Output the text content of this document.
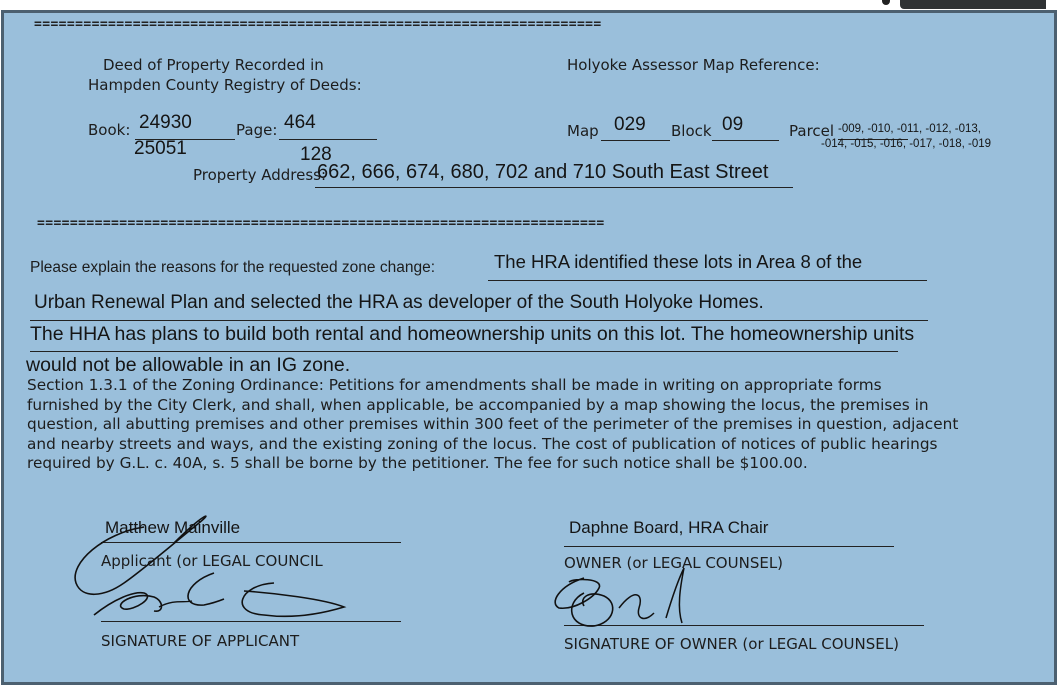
=====================================================================
Deed of Property Recorded in
Hampden County Registry of Deeds:
Book: 24930
25051
Page: 464
128
Property Address:
662, 666, 674, 680, 702 and 710 South East Street
Holyoke Assessor Map Reference:
Map 029 Block 09	Parcel -009, -010, -011, -012, -013,
-014, -015, -016, -017, -018, -019
=====================================================================
Please explain the reasons for the requested zone change:	The HRA identified these lots in Area 8 of the
Urban Renewal Plan and selected the HRA as developer of the South Holyoke Homes.
The HHA has plans to build both rental and homeownership units on this lot. The homeownership units
would not be allowable in an IG zone.
Section 1.3.1 of the Zoning Ordinance: Petitions for amendments shall be made in writing on appropriate forms
furnished by the City Clerk, and shall, when applicable, be accompanied by a map showing the locus, the premises in
question, all abutting premises and other premises within 300 feet of the perimeter of the premises in question, adjacent
and nearby streets and ways, and the existing zoning of the locus. The cost of publication of notices of public hearings
required by G.L. c. 40A, s. 5 shall be borne by the petitioner. The fee for such notice shall be $100.00.
Matthew Mainville
Applicant (or LEGAL COUNCIL
SIGNATURE OF APPLICANT
Daphne Board, HRA Chair
OWNER (or LEGAL COUNSEL)
SIGNATURE OF OWNER (or LEGAL COUNSEL)
